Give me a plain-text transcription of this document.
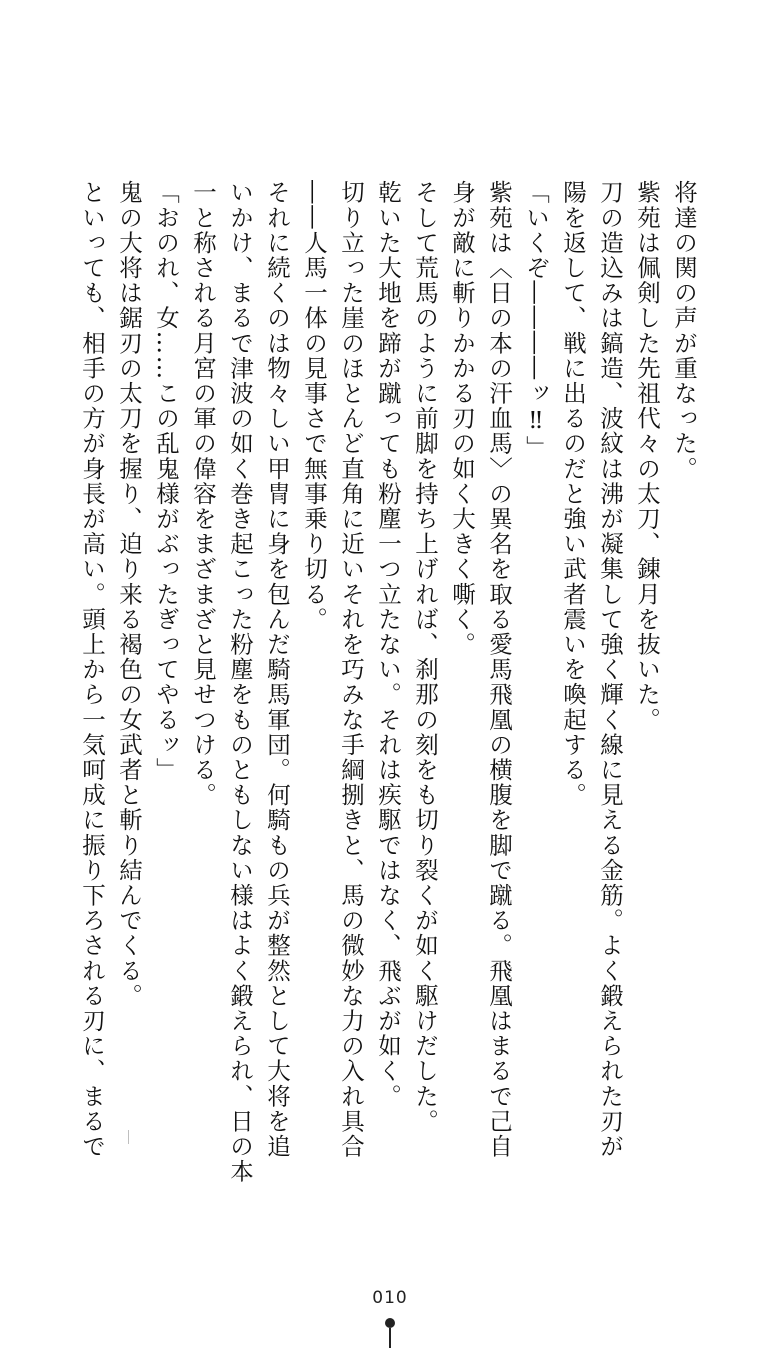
将達の関の声が重なった。

紫苑は佩剣した先祖代々の太刀、錬月を抜いた。

刀の造込みは鎬造、波紋は沸が凝集して強く輝く線に見える金筋。よく鍛えられた刃が

陽を返して、戦に出るのだと強い武者震いを喚起する。

「いくぞ――――ッ‼」

紫苑は〈日の本の汗血馬〉の異名を取る愛馬飛凰の横腹を脚で蹴る。飛凰はまるで己自

身が敵に斬りかかる刃の如く大きく嘶く。

そして荒馬のように前脚を持ち上げれば、刹那の刻をも切り裂くが如く駆けだした。

乾いた大地を蹄が蹴っても粉塵一つ立たない。それは疾駆ではなく、飛ぶが如く。

切り立った崖のほとんど直角に近いそれを巧みな手綱捌きと、馬の微妙な力の入れ具合

――人馬一体の見事さで無事乗り切る。

それに続くのは物々しい甲冑に身を包んだ騎馬軍団。何騎もの兵が整然として大将を追

いかけ、まるで津波の如く巻き起こった粉塵をものともしない様はよく鍛えられ、日の本

一と称される月宮の軍の偉容をまざまざと見せつける。

「おのれ、女……この乱鬼様がぶったぎってやるッ」

鬼の大将は鋸刃の太刀を握り、迫り来る褐色の女武者と斬り結んでくる。

といっても、相手の方が身長が高い。頭上から一気呵成に振り下ろされる刃に、まるで

010
